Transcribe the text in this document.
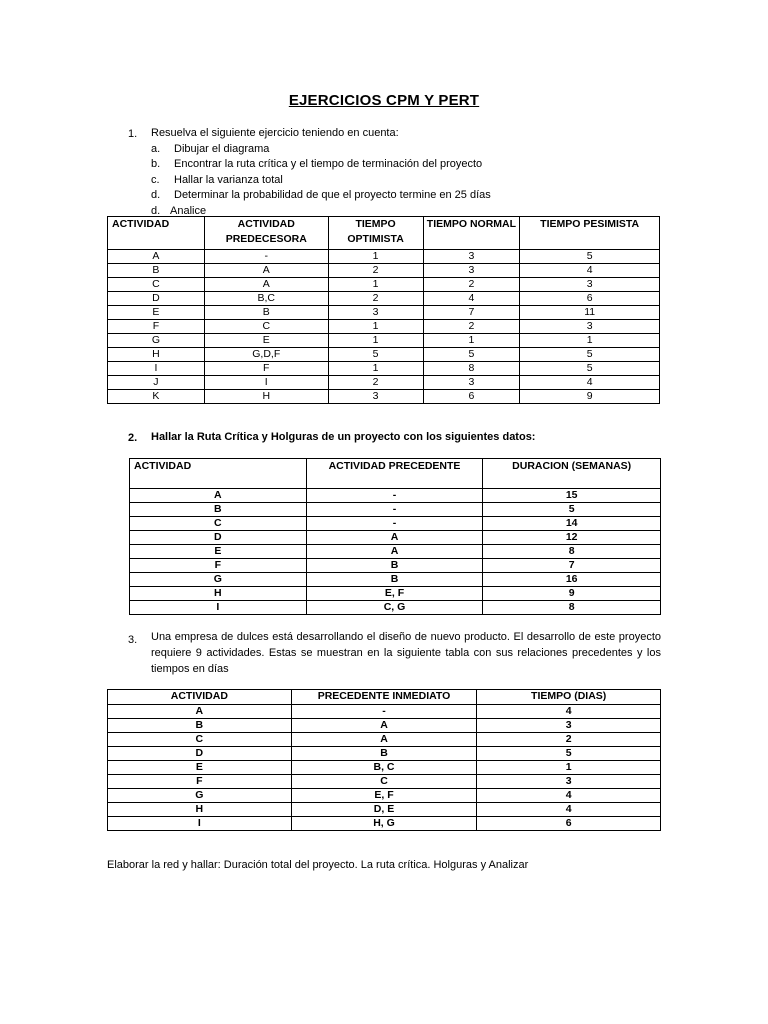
EJERCICIOS CPM Y PERT
1. Resuelva el siguiente ejercicio teniendo en cuenta:
a. Dibujar el diagrama
b. Encontrar la ruta crítica y el tiempo de terminación del proyecto
c. Hallar la varianza total
d. Determinar la probabilidad de que el proyecto termine en 25 días
d. Analice
ACTIVIDAD	ACTIVIDAD PREDECESORA	TIEMPO OPTIMISTA	TIEMPO NORMAL	TIEMPO PESIMISTA
A	-	1	3	5
B	A	2	3	4
C	A	1	2	3
D	B,C	2	4	6
E	B	3	7	11
F	C	1	2	3
G	E	1	1	1
H	G,D,F	5	5	5
I	F	1	8	5
J	I	2	3	4
K	H	3	6	9
2. Hallar la Ruta Crítica y Holguras de un proyecto con los siguientes datos:
ACTIVIDAD	ACTIVIDAD PRECEDENTE	DURACION (SEMANAS)
A	-	15
B	-	5
C	-	14
D	A	12
E	A	8
F	B	7
G	B	16
H	E, F	9
I	C, G	8
3. Una empresa de dulces está desarrollando el diseño de nuevo producto. El desarrollo de este proyecto requiere 9 actividades. Estas se muestran en la siguiente tabla con sus relaciones precedentes y los tiempos en días
ACTIVIDAD	PRECEDENTE INMEDIATO	TIEMPO (DIAS)
A	-	4
B	A	3
C	A	2
D	B	5
E	B, C	1
F	C	3
G	E, F	4
H	D, E	4
I	H, G	6
Elaborar la red y hallar: Duración total del proyecto. La ruta crítica. Holguras y Analizar
